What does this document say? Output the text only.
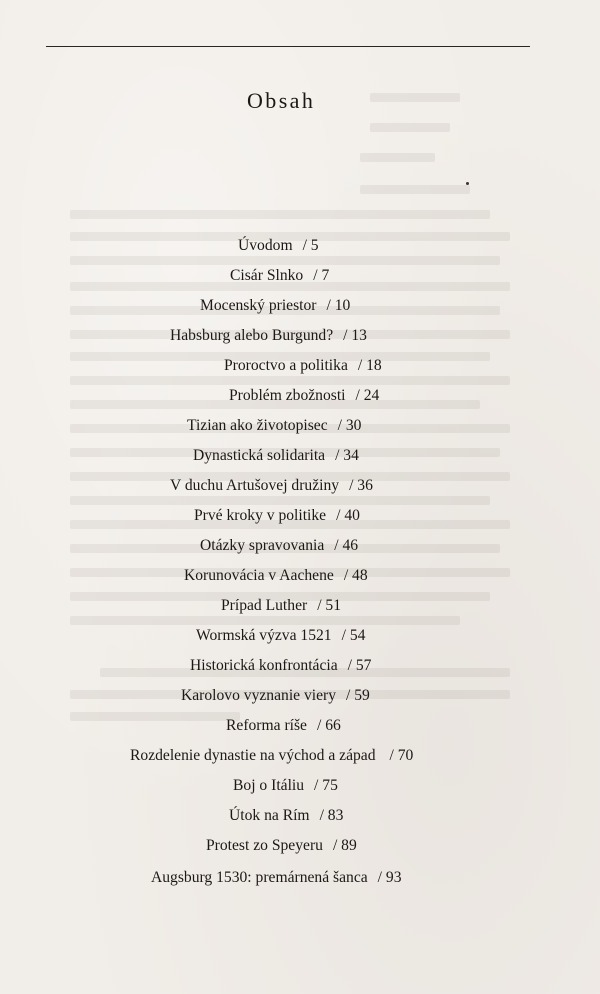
Obsah
Úvodom / 5
Cisár Slnko / 7
Mocenský priestor / 10
Habsburg alebo Burgund? / 13
Prorοctvo a politika / 18
Problém zbožnosti / 24
Tizian ako životopisec / 30
Dynastická solidarita / 34
V duchu Artušovej družiny / 36
Prvé kroky v politike / 40
Otázky spravovania / 46
Korunovácia v Aachene / 48
Prípad Luther / 51
Wormská výzva 1521 / 54
Historická konfrontácia / 57
Karolovo vyznanie viery / 59
Reforma ríše / 66
Rozdelenie dynastie na východ a západ / 70
Boj o Itáliu / 75
Útok na Rím / 83
Protest zo Speyeru / 89
Augsburg 1530: premárnená šanca / 93
